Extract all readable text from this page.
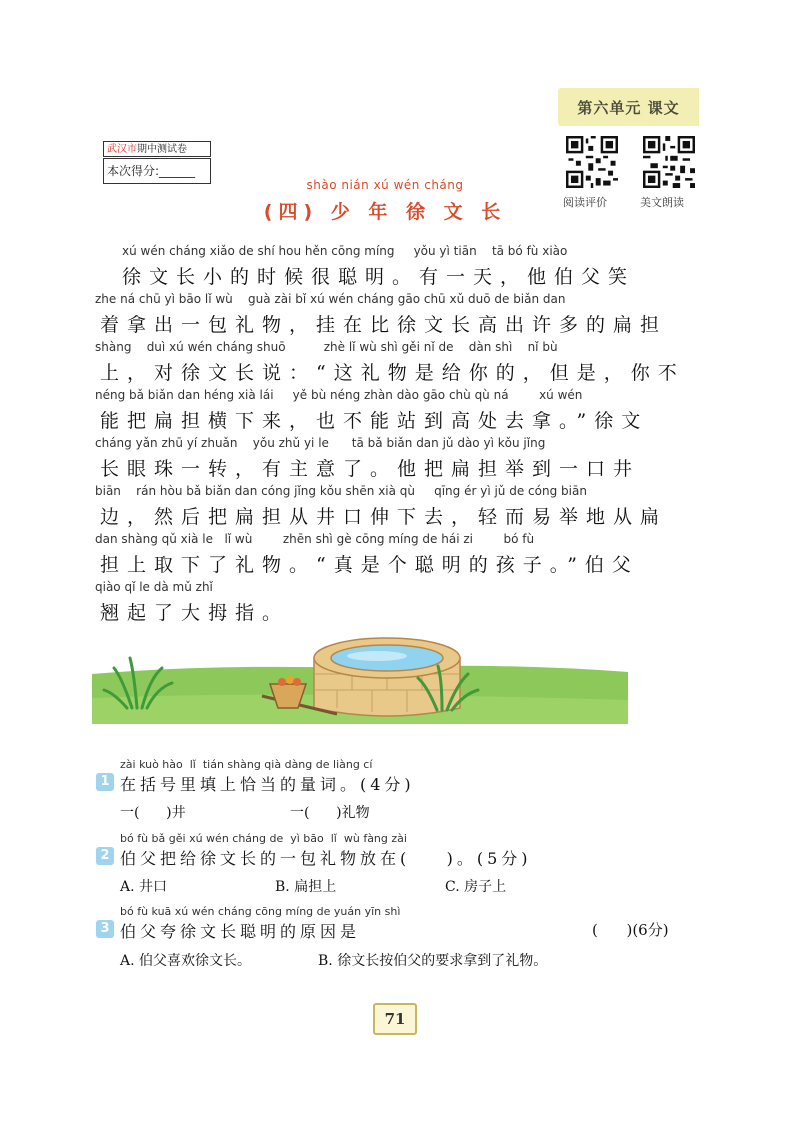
第六单元 课文
阅读评价	美文朗读
武汉市期中测试卷
本次得分:______
shào nián xú wén cháng
(四) 少 年 徐 文 长
xú wén cháng xiǎo de shí hou hěn cōng míng     yǒu yì tiān    tā bó fù xiào
徐文长小的时候很聪明。有一天，他伯父笑
zhe ná chū yì bāo lǐ wù    guà zài bǐ xú wén cháng gāo chū xǔ duō de biǎn dan
着拿出一包礼物，挂在比徐文长高出许多的扁担
shàng    duì xú wén cháng shuō          zhè lǐ wù shì gěi nǐ de    dàn shì    nǐ bù
上，对徐文长说：“这礼物是给你的，但是，你不
néng bǎ biǎn dan héng xià lái     yě bù néng zhàn dào gāo chù qù ná        xú wén
能把扁担横下来，也不能站到高处去拿。”徐文
cháng yǎn zhū yí zhuǎn    yǒu zhǔ yi le      tā bǎ biǎn dan jǔ dào yì kǒu jǐng
长眼珠一转，有主意了。他把扁担举到一口井
biān    rán hòu bǎ biǎn dan cóng jǐng kǒu shēn xià qù     qīng ér yì jǔ de cóng biān
边，然后把扁担从井口伸下去，轻而易举地从扁
dan shàng qǔ xià le   lǐ wù        zhēn shì gè cōng míng de hái zi        bó fù
担上取下了礼物。“真是个聪明的孩子。”伯父
qiào qǐ le dà mǔ zhǐ
翘起了大拇指。
zài kuò hào  lǐ  tián shàng qià dàng de liàng cí
1 在括号里填上恰当的量词。(4分)
一(      )井	一(      )礼物
bó fù bǎ gěi xú wén cháng de  yì bāo  lǐ  wù fàng zài
2 伯父把给徐文长的一包礼物放在(    )。(5分)
A. 井口	B. 扁担上	C. 房子上
bó fù kuā xú wén cháng cōng míng de yuán yīn shì
3 伯父夸徐文长聪明的原因是	(      )(6分)
A. 伯父喜欢徐文长。	B. 徐文长按伯父的要求拿到了礼物。
71
